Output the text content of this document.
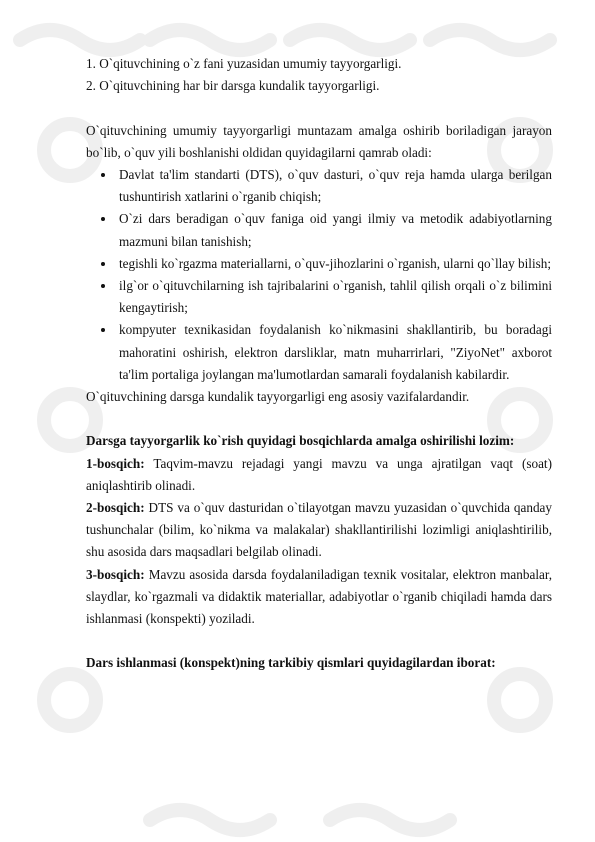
1. O`qituvchining o`z fani yuzasidan umumiy tayyorgarligi.

2. O`qituvchining har bir darsga kundalik tayyorgarligi.

O`qituvchining umumiy tayyorgarligi muntazam amalga oshirib boriladigan jarayon bo`lib, o`quv yili boshlanishi oldidan quyidagilarni qamrab oladi:

Davlat ta'lim standarti (DTS), o`quv dasturi, o`quv reja hamda ularga berilgan tushuntirish xatlarini o`rganib chiqish;
O`zi dars beradigan o`quv faniga oid yangi ilmiy va metodik adabiyotlarning mazmuni bilan tanishish;
tegishli ko`rgazma materiallarni, o`quv-jihozlarini o`rganish, ularni qo`llay bilish;
ilg`or o`qituvchilarning ish tajribalarini o`rganish, tahlil qilish orqali o`z bilimini kengaytirish;
kompyuter texnikasidan foydalanish ko`nikmasini shakllantirib, bu boradagi mahoratini oshirish, elektron darsliklar, matn muharrirlari, "ZiyoNet" axborot ta'lim portaliga joylangan ma'lumotlardan samarali foydalanish kabilardir.

O`qituvchining darsga kundalik tayyorgarligi eng asosiy vazifalardandir.

Darsga tayyorgarlik ko`rish quyidagi bosqichlarda amalga oshirilishi lozim:

1-bosqich: Taqvim-mavzu rejadagi yangi mavzu va unga ajratilgan vaqt (soat) aniqlashtirib olinadi.

2-bosqich: DTS va o`quv dasturidan o`tilayotgan mavzu yuzasidan o`quvchida qanday tushunchalar (bilim, ko`nikma va malakalar) shakllantirilishi lozimligi aniqlashtirilib, shu asosida dars maqsadlari belgilab olinadi.

3-bosqich: Mavzu asosida darsda foydalaniladigan texnik vositalar, elektron manbalar, slaydlar, ko`rgazmali va didaktik materiallar, adabiyotlar o`rganib chiqiladi hamda dars ishlanmasi (konspekti) yoziladi.

Dars ishlanmasi (konspekt)ning tarkibiy qismlari quyidagilardan iborat:
